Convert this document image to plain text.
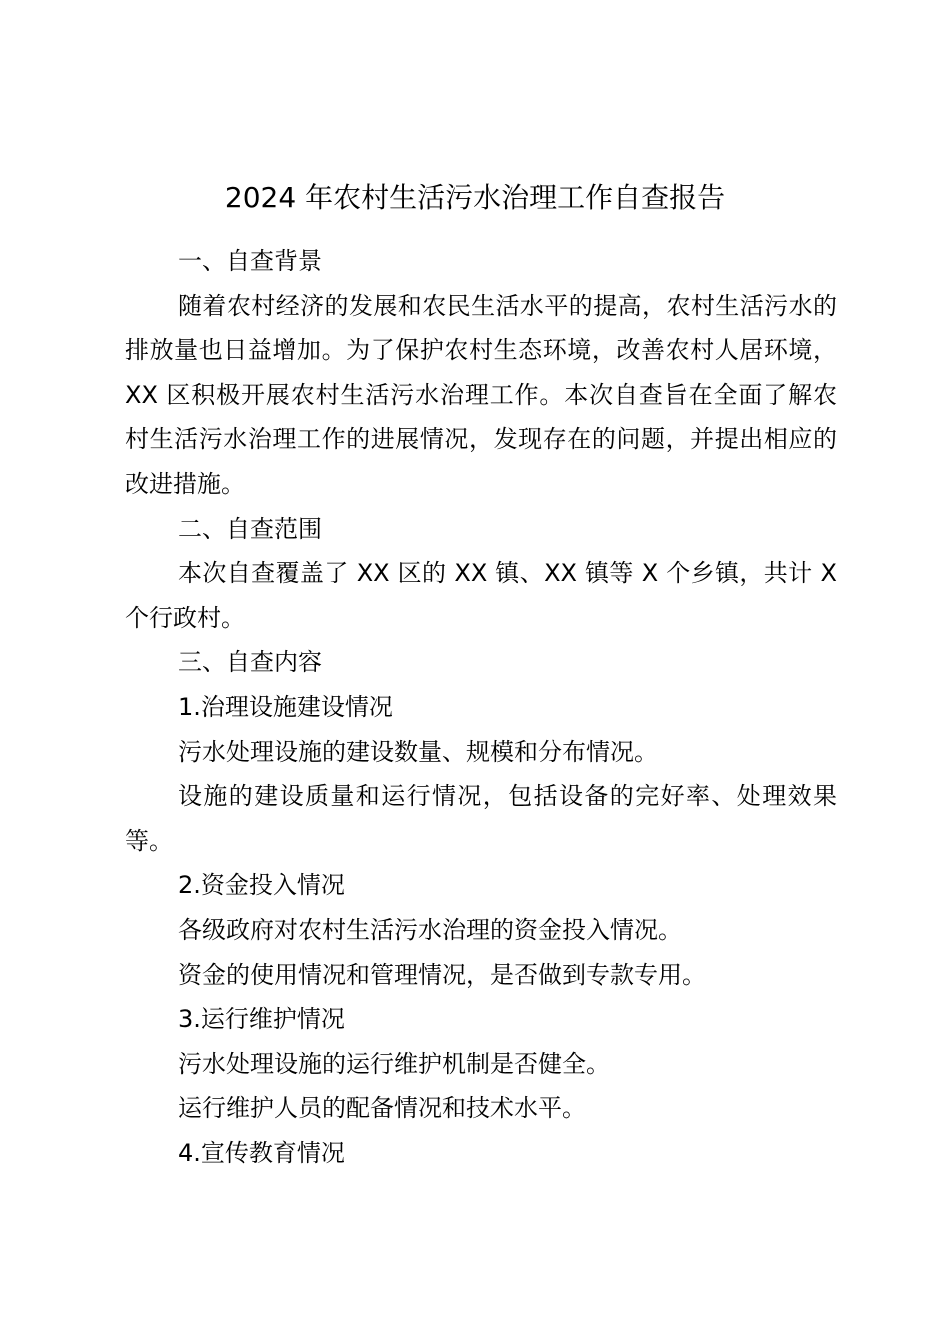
2024 年农村生活污水治理工作自查报告

一、自查背景

随着农村经济的发展和农民生活水平的提高，农村生活污水的排放量也日益增加。为了保护农村生态环境，改善农村人居环境，XX 区积极开展农村生活污水治理工作。本次自查旨在全面了解农村生活污水治理工作的进展情况，发现存在的问题，并提出相应的改进措施。

二、自查范围

本次自查覆盖了 XX 区的 XX 镇、XX 镇等 X 个乡镇，共计 X 个行政村。

三、自查内容

1.治理设施建设情况

污水处理设施的建设数量、规模和分布情况。

设施的建设质量和运行情况，包括设备的完好率、处理效果等。

2.资金投入情况

各级政府对农村生活污水治理的资金投入情况。

资金的使用情况和管理情况，是否做到专款专用。

3.运行维护情况

污水处理设施的运行维护机制是否健全。

运行维护人员的配备情况和技术水平。

4.宣传教育情况
